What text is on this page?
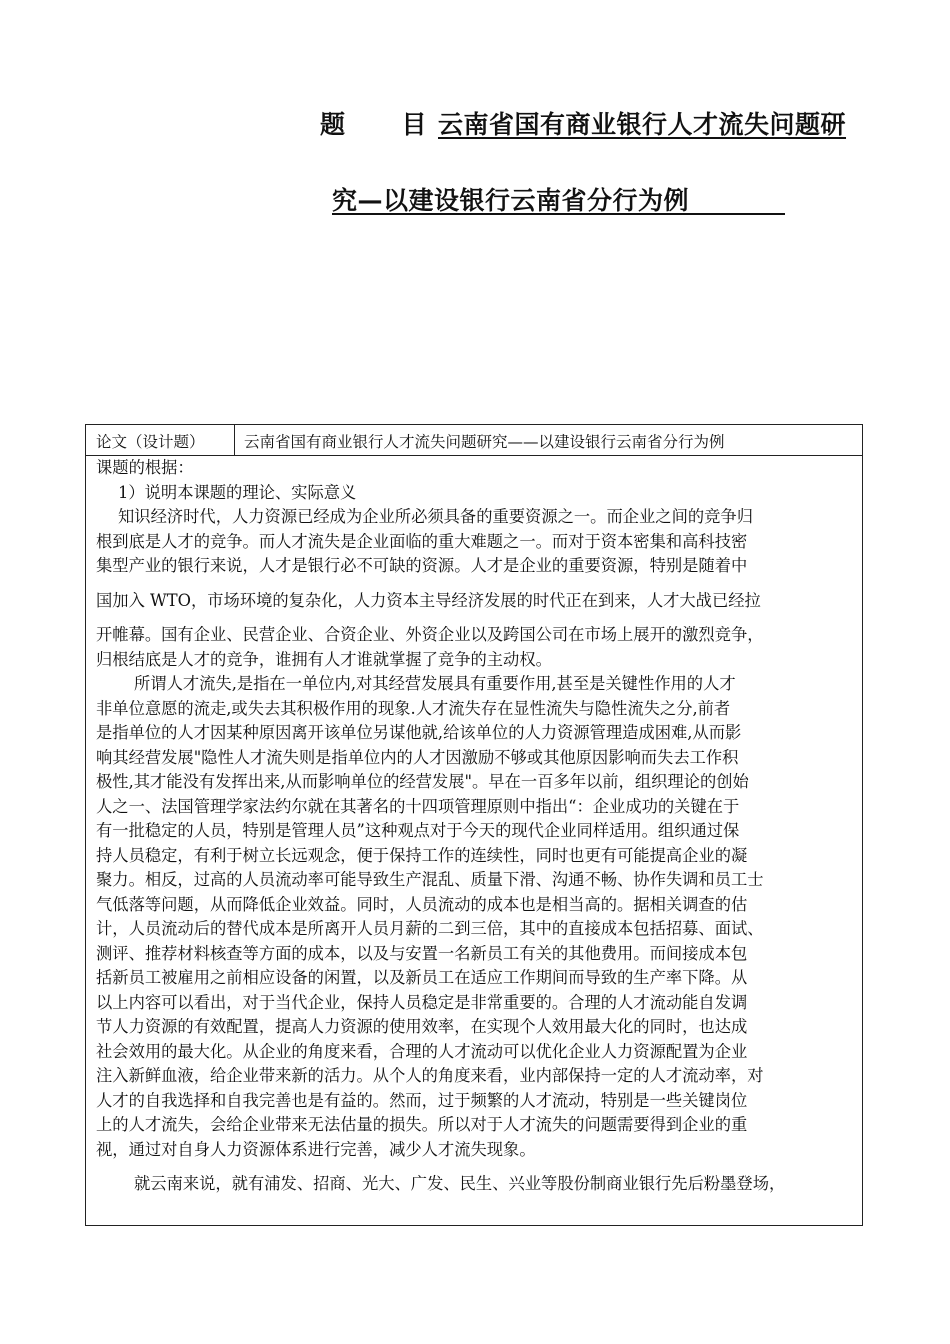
题 目 云南省国有商业银行人才流失问题研
究—以建设银行云南省分行为例
论文（设计题）	云南省国有商业银行人才流失问题研究——以建设银行云南省分行为例
课题的根据：
1）说明本课题的理论、实际意义
知识经济时代，人力资源已经成为企业所必须具备的重要资源之一。而企业之间的竞争归
根到底是人才的竞争。而人才流失是企业面临的重大难题之一。而对于资本密集和高科技密
集型产业的银行来说，人才是银行必不可缺的资源。人才是企业的重要资源，特别是随着中
国加入 WTO，市场环境的复杂化，人力资本主导经济发展的时代正在到来，人才大战已经拉
开帷幕。国有企业、民营企业、合资企业、外资企业以及跨国公司在市场上展开的激烈竞争，
归根结底是人才的竞争，谁拥有人才谁就掌握了竞争的主动权。
所谓人才流失,是指在一单位内,对其经营发展具有重要作用,甚至是关键性作用的人才
非单位意愿的流走,或失去其积极作用的现象.人才流失存在显性流失与隐性流失之分,前者
是指单位的人才因某种原因离开该单位另谋他就,给该单位的人力资源管理造成困难,从而影
响其经营发展"隐性人才流失则是指单位内的人才因激励不够或其他原因影响而失去工作积
极性,其才能没有发挥出来,从而影响单位的经营发展"。早在一百多年以前，组织理论的创始
人之一、法国管理学家法约尔就在其著名的十四项管理原则中指出“：企业成功的关键在于
有一批稳定的人员，特别是管理人员”这种观点对于今天的现代企业同样适用。组织通过保
持人员稳定，有利于树立长远观念，便于保持工作的连续性，同时也更有可能提高企业的凝
聚力。相反，过高的人员流动率可能导致生产混乱、质量下滑、沟通不畅、协作失调和员工士
气低落等问题，从而降低企业效益。同时，人员流动的成本也是相当高的。据相关调查的估
计，人员流动后的替代成本是所离开人员月薪的二到三倍，其中的直接成本包括招募、面试、
测评、推荐材料核查等方面的成本，以及与安置一名新员工有关的其他费用。而间接成本包
括新员工被雇用之前相应设备的闲置，以及新员工在适应工作期间而导致的生产率下降。从
以上内容可以看出，对于当代企业，保持人员稳定是非常重要的。合理的人才流动能自发调
节人力资源的有效配置，提高人力资源的使用效率，在实现个人效用最大化的同时，也达成
社会效用的最大化。从企业的角度来看，合理的人才流动可以优化企业人力资源配置为企业
注入新鲜血液，给企业带来新的活力。从个人的角度来看，业内部保持一定的人才流动率，对
人才的自我选择和自我完善也是有益的。然而，过于频繁的人才流动，特别是一些关键岗位
上的人才流失，会给企业带来无法估量的损失。所以对于人才流失的问题需要得到企业的重
视，通过对自身人力资源体系进行完善，减少人才流失现象。
就云南来说，就有浦发、招商、光大、广发、民生、兴业等股份制商业银行先后粉墨登场，
